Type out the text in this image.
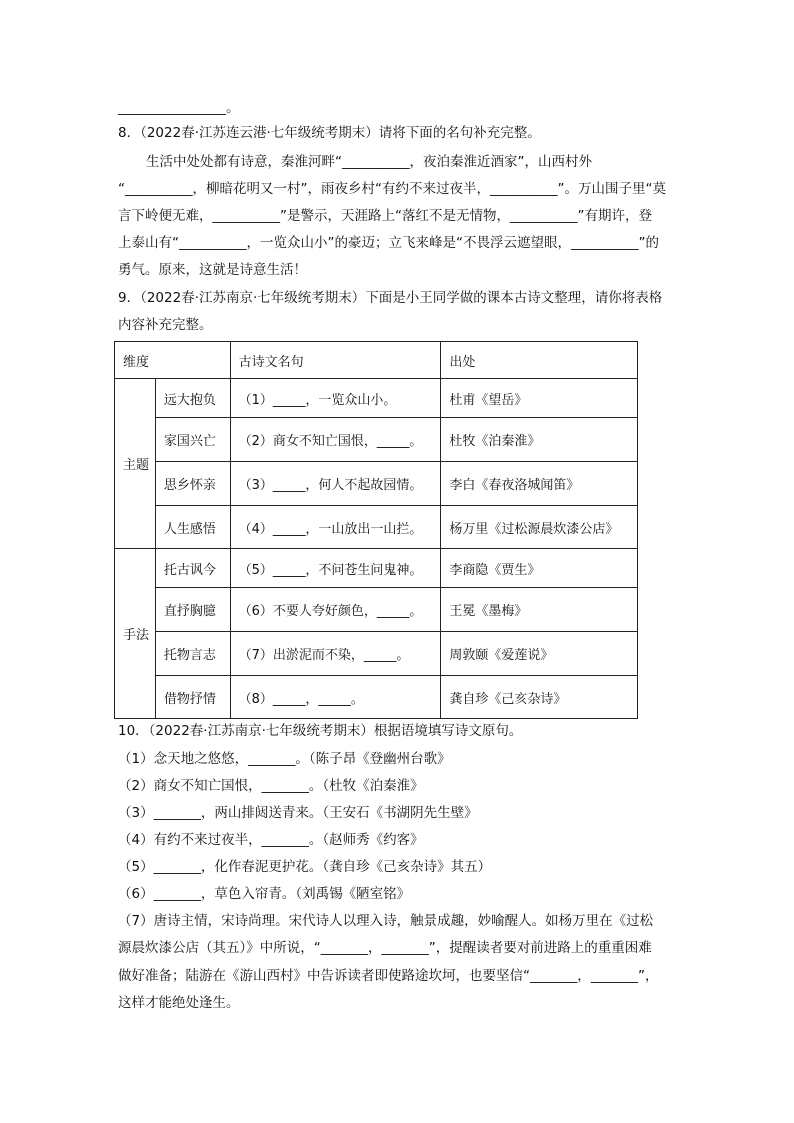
________________。
8．（2022春·江苏连云港·七年级统考期末）请将下面的名句补充完整。
生活中处处都有诗意，秦淮河畔“__________，夜泊秦淮近酒家”，山西村外
“__________，柳暗花明又一村”，雨夜乡村“有约不来过夜半，__________”。万山围子里“莫
言下岭便无难，__________”是警示，天涯路上“落红不是无情物，__________”有期许，登
上泰山有“__________，一览众山小”的豪迈；立飞来峰是“不畏浮云遮望眼，__________”的
勇气。原来，这就是诗意生活！
9．（2022春·江苏南京·七年级统考期末）下面是小王同学做的课本古诗文整理，请你将表格
内容补充完整。
维度		古诗文名句	出处
主题	远大抱负	（1）_____，一览众山小。	杜甫《望岳》
	家国兴亡	（2）商女不知亡国恨，_____。	杜牧《泊秦淮》
	思乡怀亲	（3）_____，何人不起故园情。	李白《春夜洛城闻笛》
	人生感悟	（4）_____，一山放出一山拦。	杨万里《过松源晨炊漆公店》
手法	托古讽今	（5）_____，不问苍生问鬼神。	李商隐《贾生》
	直抒胸臆	（6）不要人夸好颜色，_____。	王冕《墨梅》
	托物言志	（7）出淤泥而不染，_____。	周敦颐《爱莲说》
	借物抒情	（8）_____，_____。	龚自珍《己亥杂诗》
10．（2022春·江苏南京·七年级统考期末）根据语境填写诗文原句。
（1）念天地之悠悠，_______。（陈子昂《登幽州台歌》
（2）商女不知亡国恨，_______。（杜牧《泊秦淮》
（3）_______，两山排闼送青来。（王安石《书湖阴先生壁》
（4）有约不来过夜半，_______。（赵师秀《约客》
（5）_______，化作春泥更护花。（龚自珍《己亥杂诗》其五）
（6）_______，草色入帘青。（刘禹锡《陋室铭》
（7）唐诗主情，宋诗尚理。宋代诗人以理入诗，触景成趣，妙喻醒人。如杨万里在《过松
源晨炊漆公店（其五）》中所说，“_______，_______”，提醒读者要对前进路上的重重困难
做好准备；陆游在《游山西村》中告诉读者即使路途坎坷，也要坚信“_______，_______”，
这样才能绝处逢生。
